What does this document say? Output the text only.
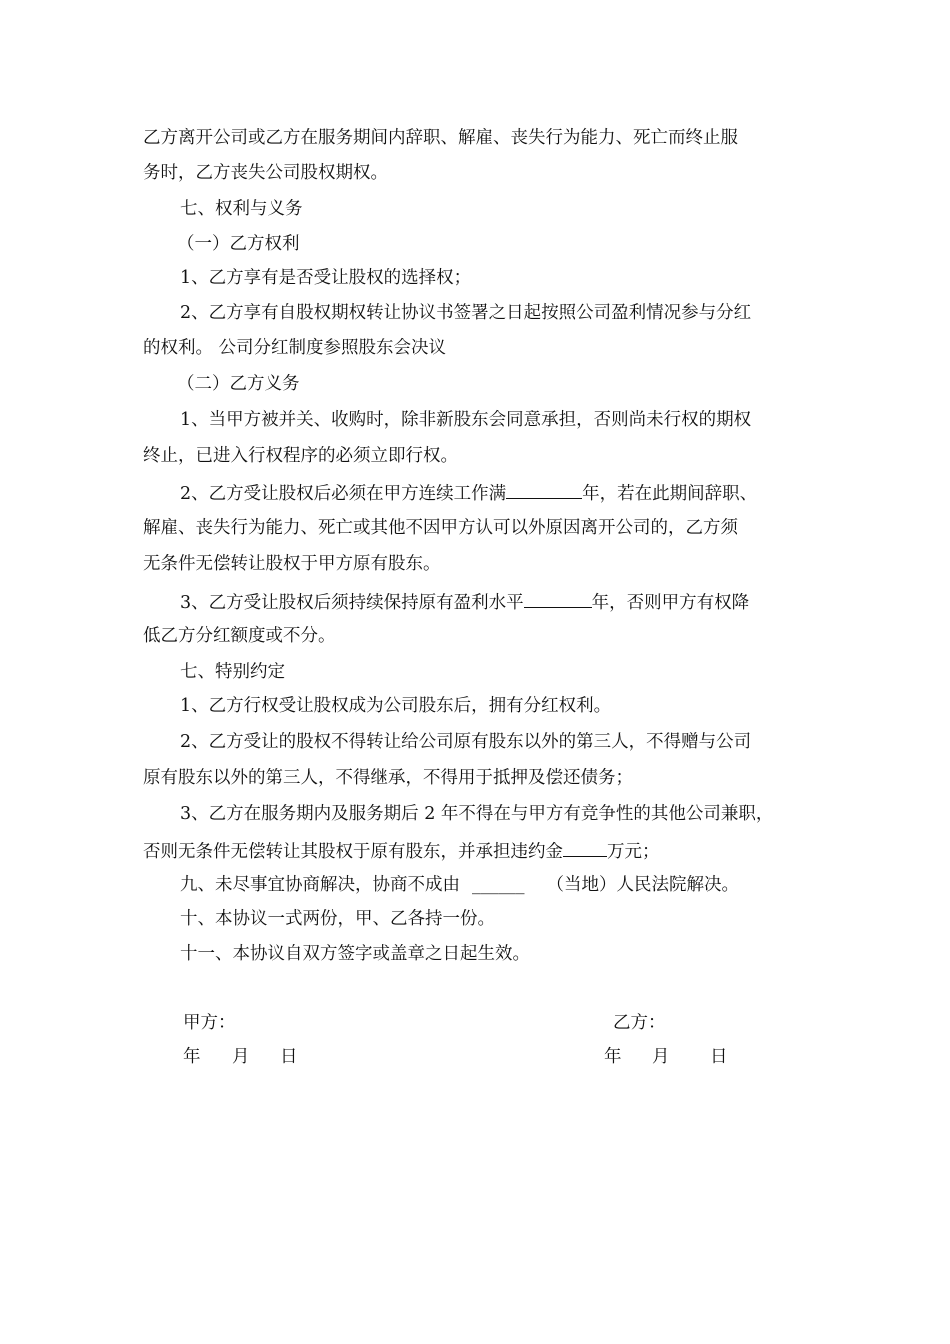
乙方离开公司或乙方在服务期间内辞职、解雇、丧失行为能力、死亡而终止服
务时，乙方丧失公司股权期权。
七、权利与义务
（一）乙方权利
1、乙方享有是否受让股权的选择权；
2、乙方享有自股权期权转让协议书签署之日起按照公司盈利情况参与分红
的权利。 公司分红制度参照股东会决议
（二）乙方义务
1、当甲方被并关、收购时，除非新股东会同意承担，否则尚未行权的期权
终止，已进入行权程序的必须立即行权。
2、乙方受让股权后必须在甲方连续工作满	年，若在此期间辞职、
解雇、丧失行为能力、死亡或其他不因甲方认可以外原因离开公司的，乙方须
无条件无偿转让股权于甲方原有股东。
3、乙方受让股权后须持续保持原有盈利水平	年，否则甲方有权降
低乙方分红额度或不分。
七、特别约定
1、乙方行权受让股权成为公司股东后，拥有分红权利。
2、乙方受让的股权不得转让给公司原有股东以外的第三人，不得赠与公司
原有股东以外的第三人，不得继承，不得用于抵押及偿还债务；
3、乙方在服务期内及服务期后 2 年不得在与甲方有竞争性的其他公司兼职，
否则无条件无偿转让其股权于原有股东，并承担违约金	万元；
九、未尽事宜协商解决，协商不成由 ______ （当地）人民法院解决。
十、本协议一式两份，甲、乙各持一份。
十一、本协议自双方签字或盖章之日起生效。
甲方：	乙方：
年 月 日	年 月 日
